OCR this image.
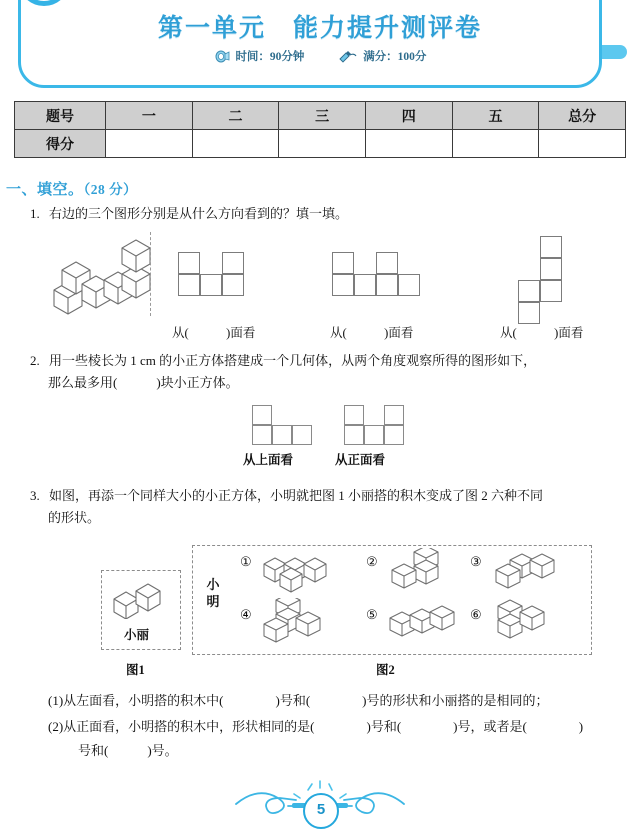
第一单元　能力提升测评卷
时间：90分钟	满分：100分
题号	一	二	三	四	五	总分
得分						
一、填空。（28 分）
1. 右边的三个图形分别是从什么方向看到的？填一填。
从(　　　)面看	从(　　　)面看	从(　　　)面看
2. 用一些棱长为 1 cm 的小正方体搭建成一个几何体，从两个角度观察所得的图形如下，
那么最多用(　　　)块小正方体。
从上面看	从正面看
3. 如图，再添一个同样大小的小正方体，小明就把图 1 小丽搭的积木变成了图 2 六种不同
的形状。
小丽
图1
小明
①	②	③
④	⑤	⑥
图2
(1)从左面看，小明搭的积木中(　　　　)号和(　　　　)号的形状和小丽搭的是相同的；
(2)从正面看，小明搭的积木中，形状相同的是(　　　　)号和(　　　　)号，或者是(　　　　)
号和(　　　)号。
5
